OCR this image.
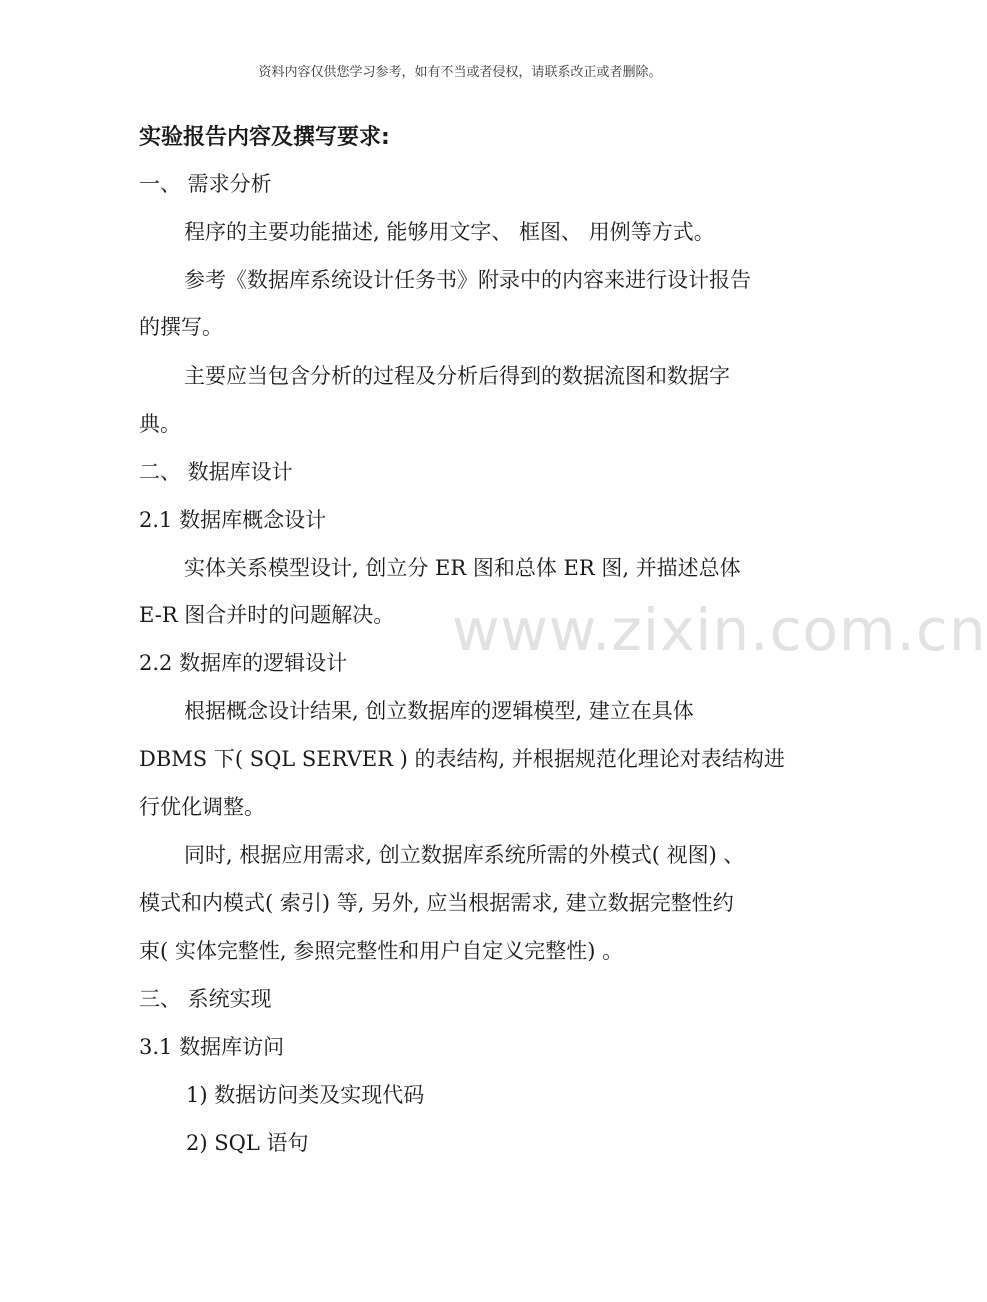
资料内容仅供您学习参考，如有不当或者侵权，请联系改正或者删除。
实验报告内容及撰写要求:
一、 需求分析
程序的主要功能描述, 能够用文字、 框图、 用例等方式。
参考《数据库系统设计任务书》附录中的内容来进行设计报告
的撰写。
主要应当包含分析的过程及分析后得到的数据流图和数据字
典。
二、 数据库设计
2.1 数据库概念设计
实体关系模型设计, 创立分 ER 图和总体 ER 图, 并描述总体
E-R 图合并时的问题解决。
2.2 数据库的逻辑设计
根据概念设计结果, 创立数据库的逻辑模型, 建立在具体
DBMS 下( SQL SERVER ) 的表结构, 并根据规范化理论对表结构进
行优化调整。
同时, 根据应用需求, 创立数据库系统所需的外模式( 视图) 、
模式和内模式( 索引) 等, 另外, 应当根据需求, 建立数据完整性约
束( 实体完整性, 参照完整性和用户自定义完整性) 。
三、 系统实现
3.1 数据库访问
1) 数据访问类及实现代码
2) SQL 语句
www.zixin.com.cn
